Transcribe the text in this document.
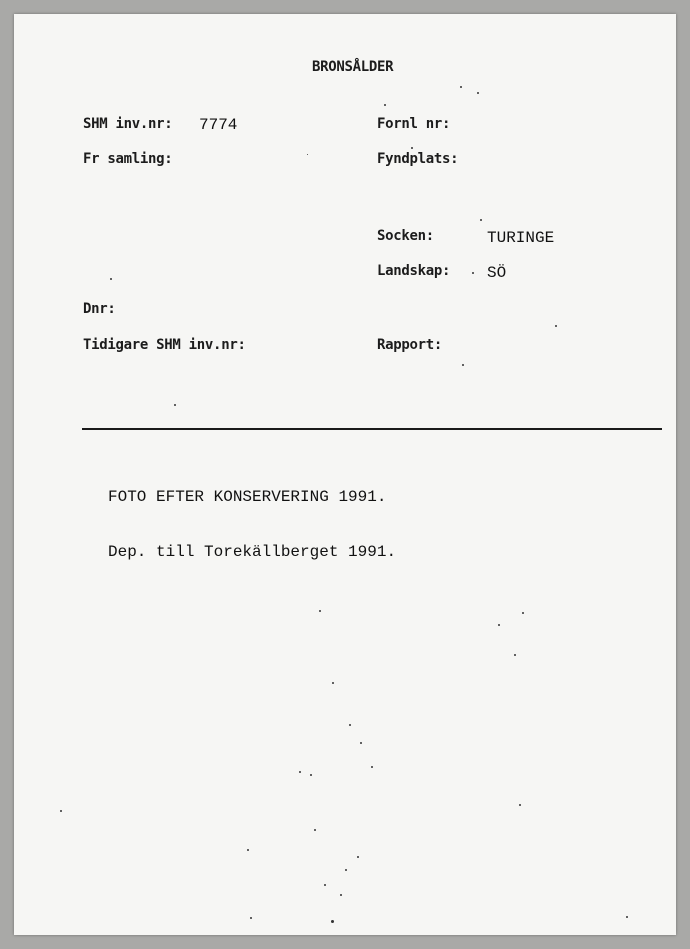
BRONSÅLDER
SHM inv.nr: 7774	Fornl nr:
Fr samling:	Fyndplats:
Socken:	TURINGE
Landskap: SÖ
Dnr:
Tidigare SHM inv.nr:	Rapport:
FOTO EFTER KONSERVERING 1991.
Dep. till Torekällberget 1991.
